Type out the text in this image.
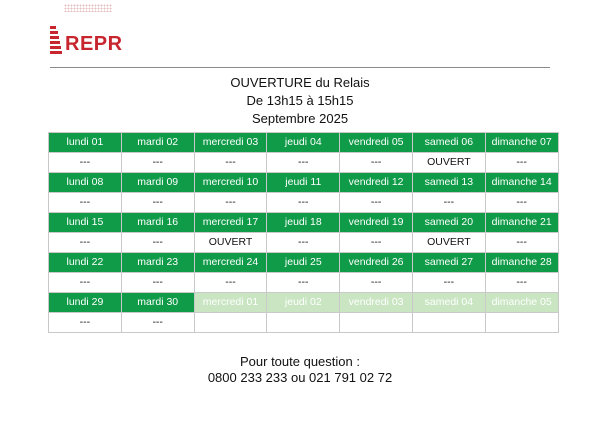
REPR
OUVERTURE du Relais
De 13h15 à 15h15
Septembre 2025
lundi 01	mardi 02	mercredi 03	jeudi 04	vendredi 05	samedi 06	dimanche 07
---	---	---	---	---	OUVERT	---
lundi 08	mardi 09	mercredi 10	jeudi 11	vendredi 12	samedi 13	dimanche 14
---	---	---	---	---	---	---
lundi 15	mardi 16	mercredi 17	jeudi 18	vendredi 19	samedi 20	dimanche 21
---	---	OUVERT	---	---	OUVERT	---
lundi 22	mardi 23	mercredi 24	jeudi 25	vendredi 26	samedi 27	dimanche 28
---	---	---	---	---	---	---
lundi 29	mardi 30	mercredi 01	jeudi 02	vendredi 03	samedi 04	dimanche 05
---	---					
Pour toute question :
0800 233 233 ou 021 791 02 72
